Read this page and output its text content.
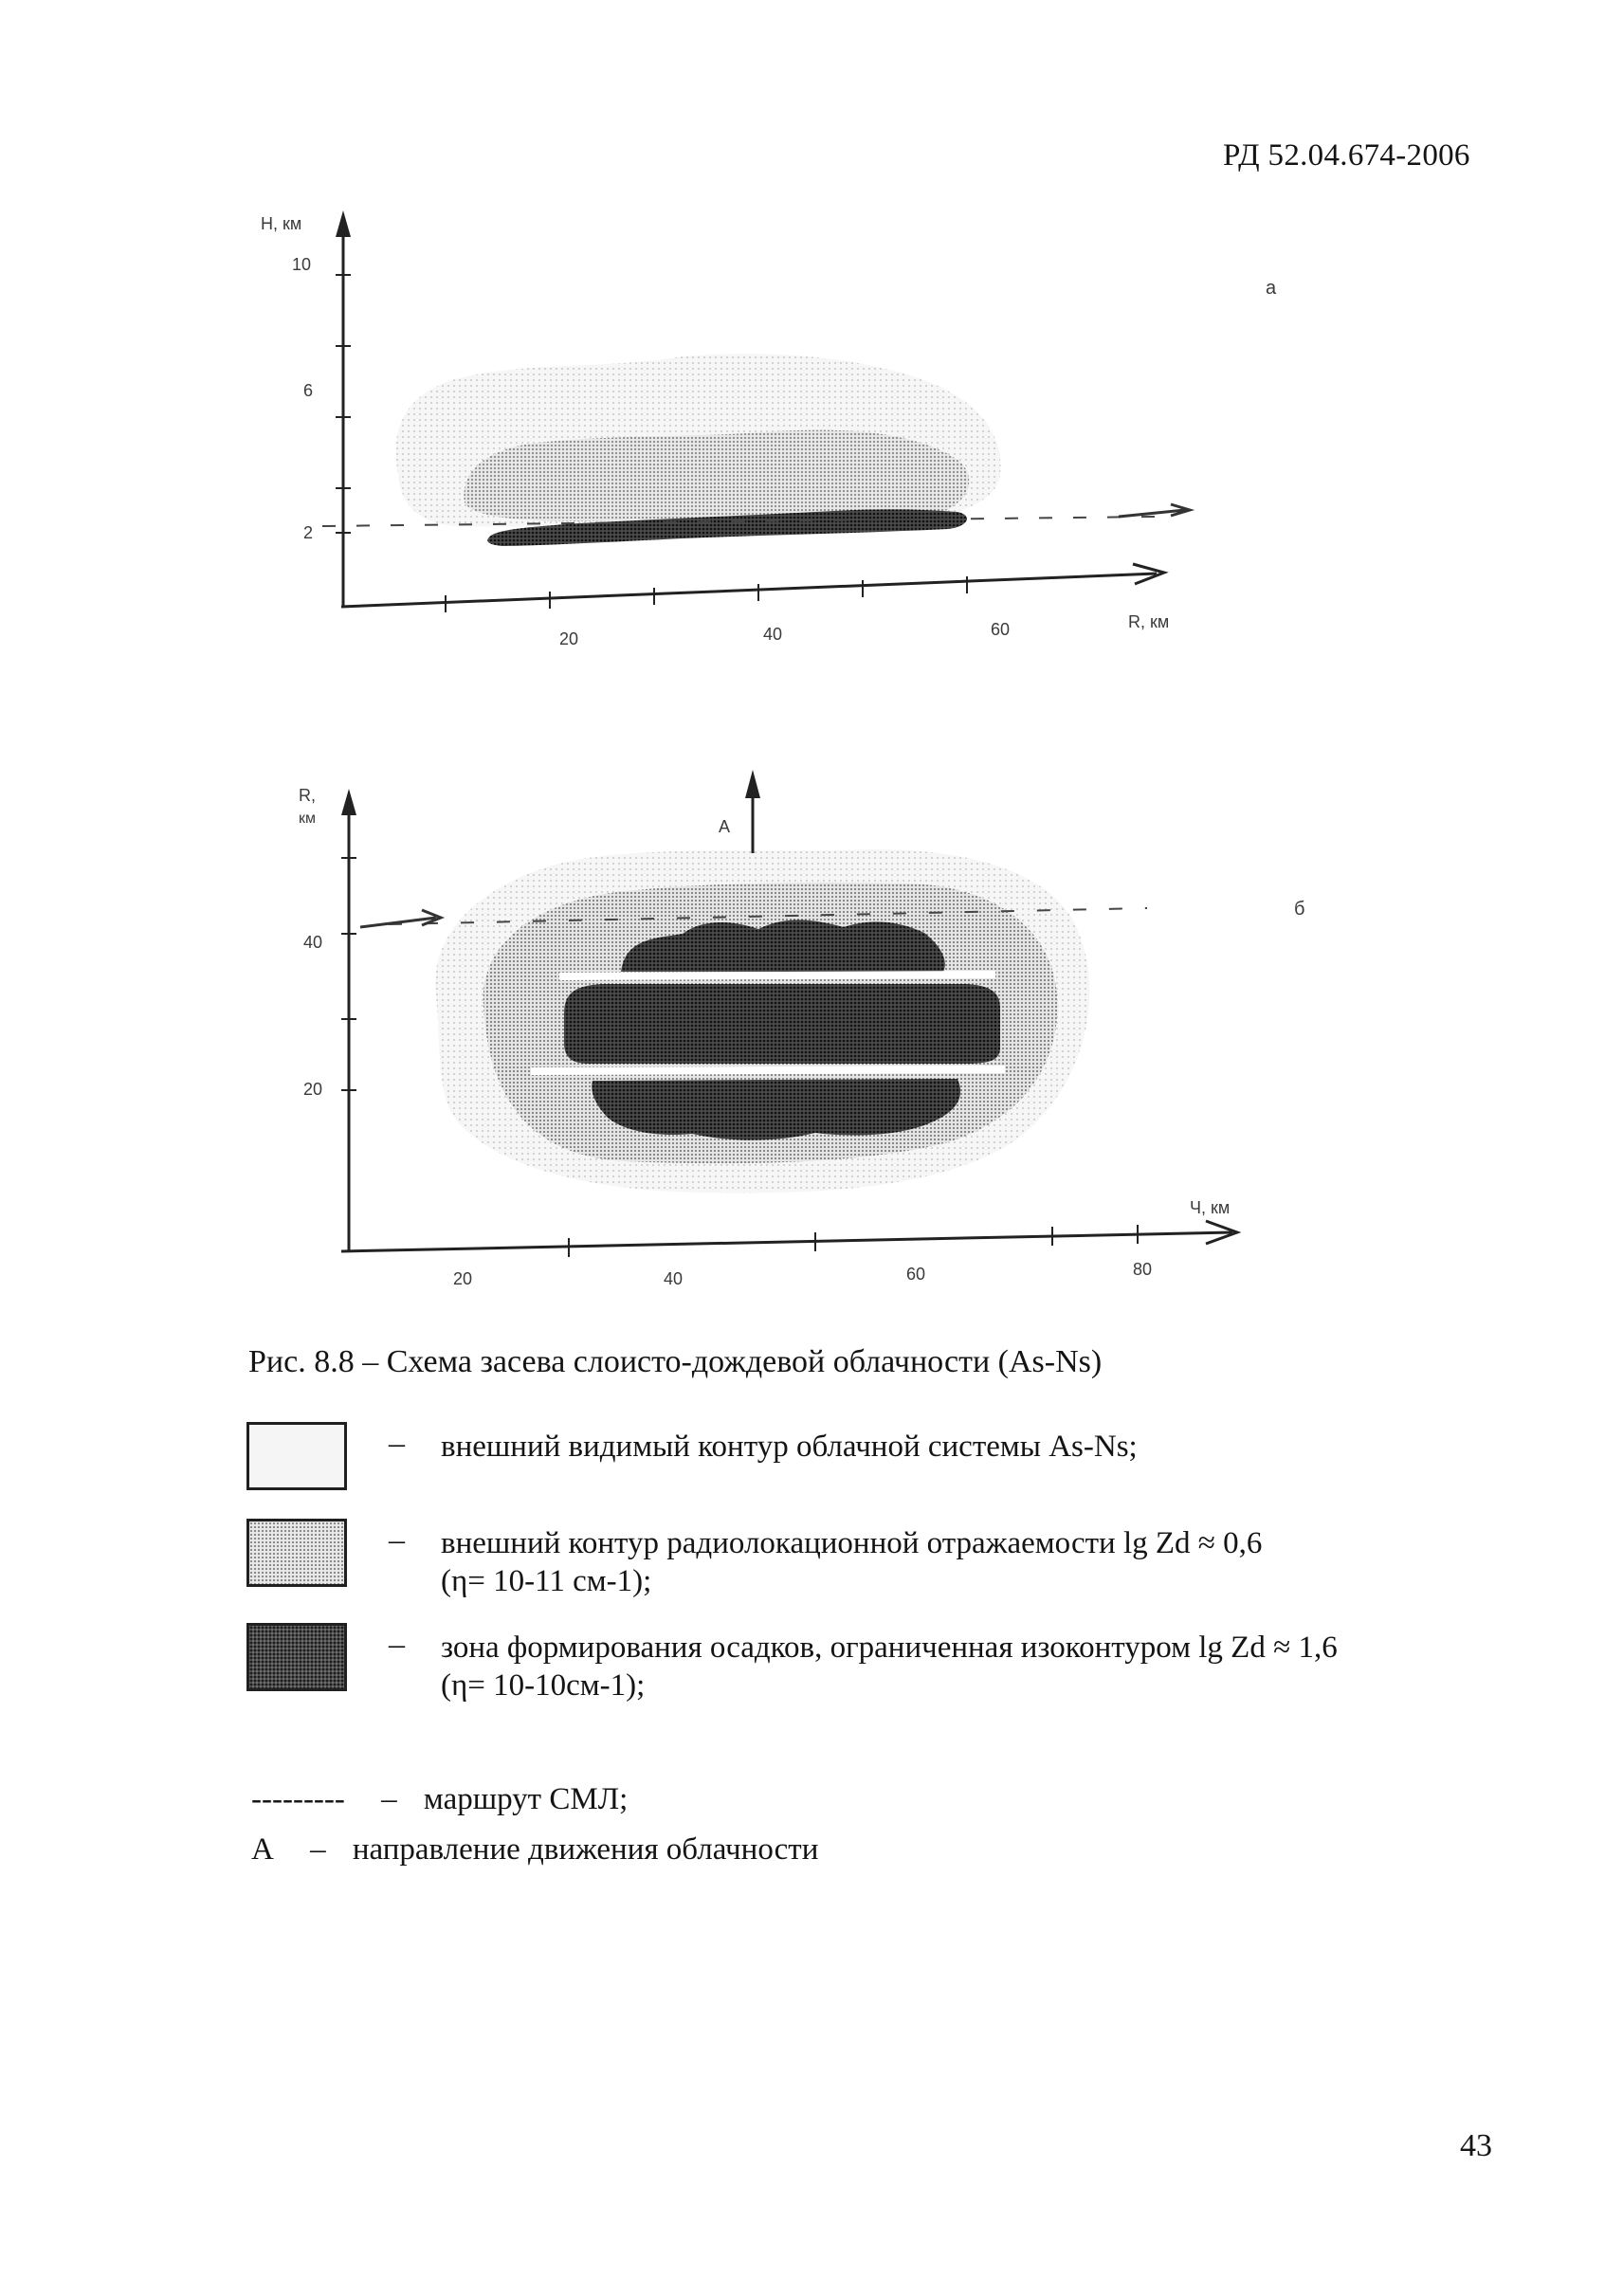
РД 52.04.674-2006
Н, км
10
6
2
20	40	60	R, км
а
А
R,
км
40
20
20	40	60	80
Ч, км
б
Рис. 8.8 – Схема засева слоисто-дождевой облачности (As-Ns)
– внешний видимый контур облачной системы As-Ns;
– внешний контур радиолокационной отражаемости lg Zd ≈ 0,6
(η= 10-11 см-1);
– зона формирования осадков, ограниченная изоконтуром lg Zd ≈ 1,6
(η= 10-10см-1);
--------- – маршрут СМЛ;
А – направление движения облачности
43
